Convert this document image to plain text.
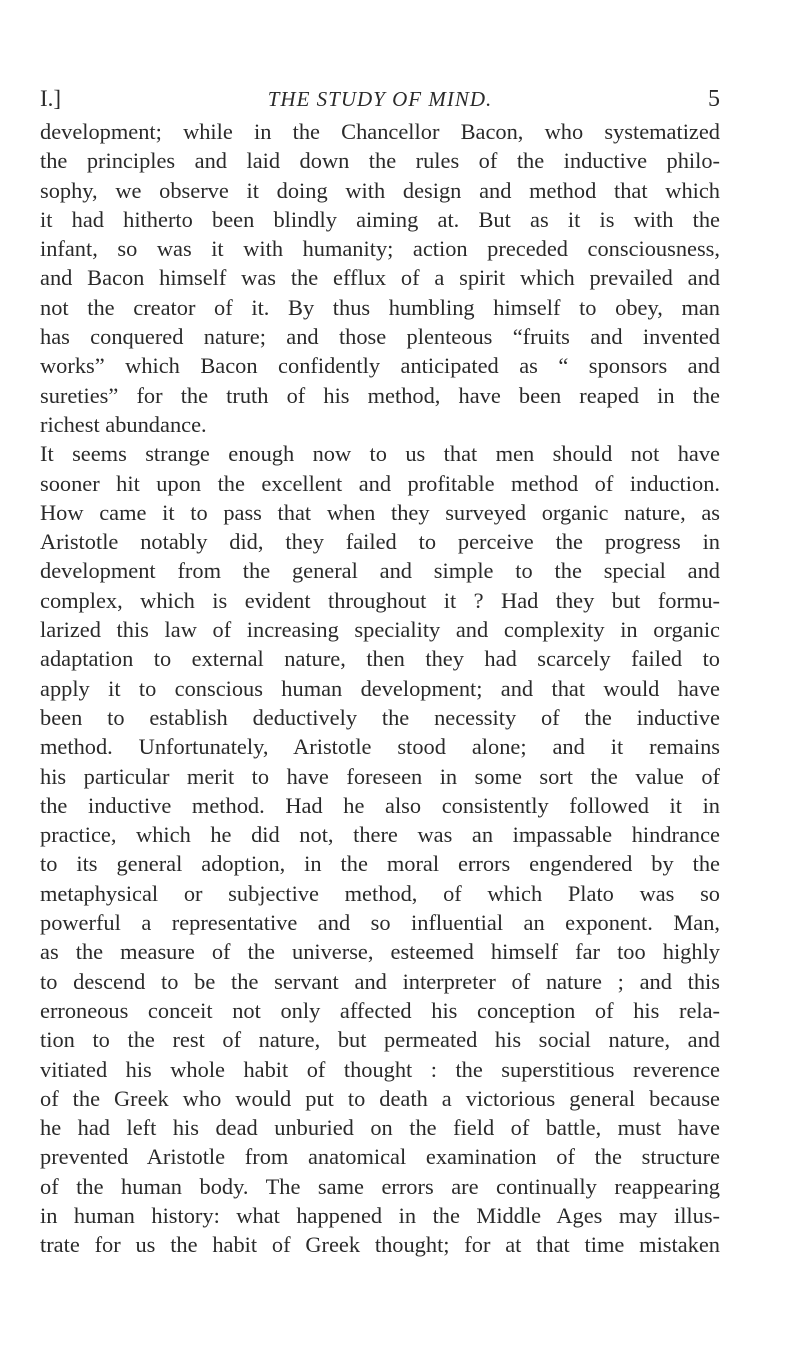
I.]	THE STUDY OF MIND.	5
development; while in the Chancellor Bacon, who systematized
the principles and laid down the rules of the inductive philo-
sophy, we observe it doing with design and method that which
it had hitherto been blindly aiming at. But as it is with the
infant, so was it with humanity; action preceded consciousness,
and Bacon himself was the efflux of a spirit which prevailed and
not the creator of it. By thus humbling himself to obey, man
has conquered nature; and those plenteous “fruits and invented
works” which Bacon confidently anticipated as “ sponsors and
sureties” for the truth of his method, have been reaped in the
richest abundance.
It seems strange enough now to us that men should not have
sooner hit upon the excellent and profitable method of induction.
How came it to pass that when they surveyed organic nature, as
Aristotle notably did, they failed to perceive the progress in
development from the general and simple to the special and
complex, which is evident throughout it ? Had they but formu-
larized this law of increasing speciality and complexity in organic
adaptation to external nature, then they had scarcely failed to
apply it to conscious human development; and that would have
been to establish deductively the necessity of the inductive
method. Unfortunately, Aristotle stood alone; and it remains
his particular merit to have foreseen in some sort the value of
the inductive method. Had he also consistently followed it in
practice, which he did not, there was an impassable hindrance
to its general adoption, in the moral errors engendered by the
metaphysical or subjective method, of which Plato was so
powerful a representative and so influential an exponent. Man,
as the measure of the universe, esteemed himself far too highly
to descend to be the servant and interpreter of nature ; and this
erroneous conceit not only affected his conception of his rela-
tion to the rest of nature, but permeated his social nature, and
vitiated his whole habit of thought : the superstitious reverence
of the Greek who would put to death a victorious general because
he had left his dead unburied on the field of battle, must have
prevented Aristotle from anatomical examination of the structure
of the human body. The same errors are continually reappearing
in human history: what happened in the Middle Ages may illus-
trate for us the habit of Greek thought; for at that time mistaken
